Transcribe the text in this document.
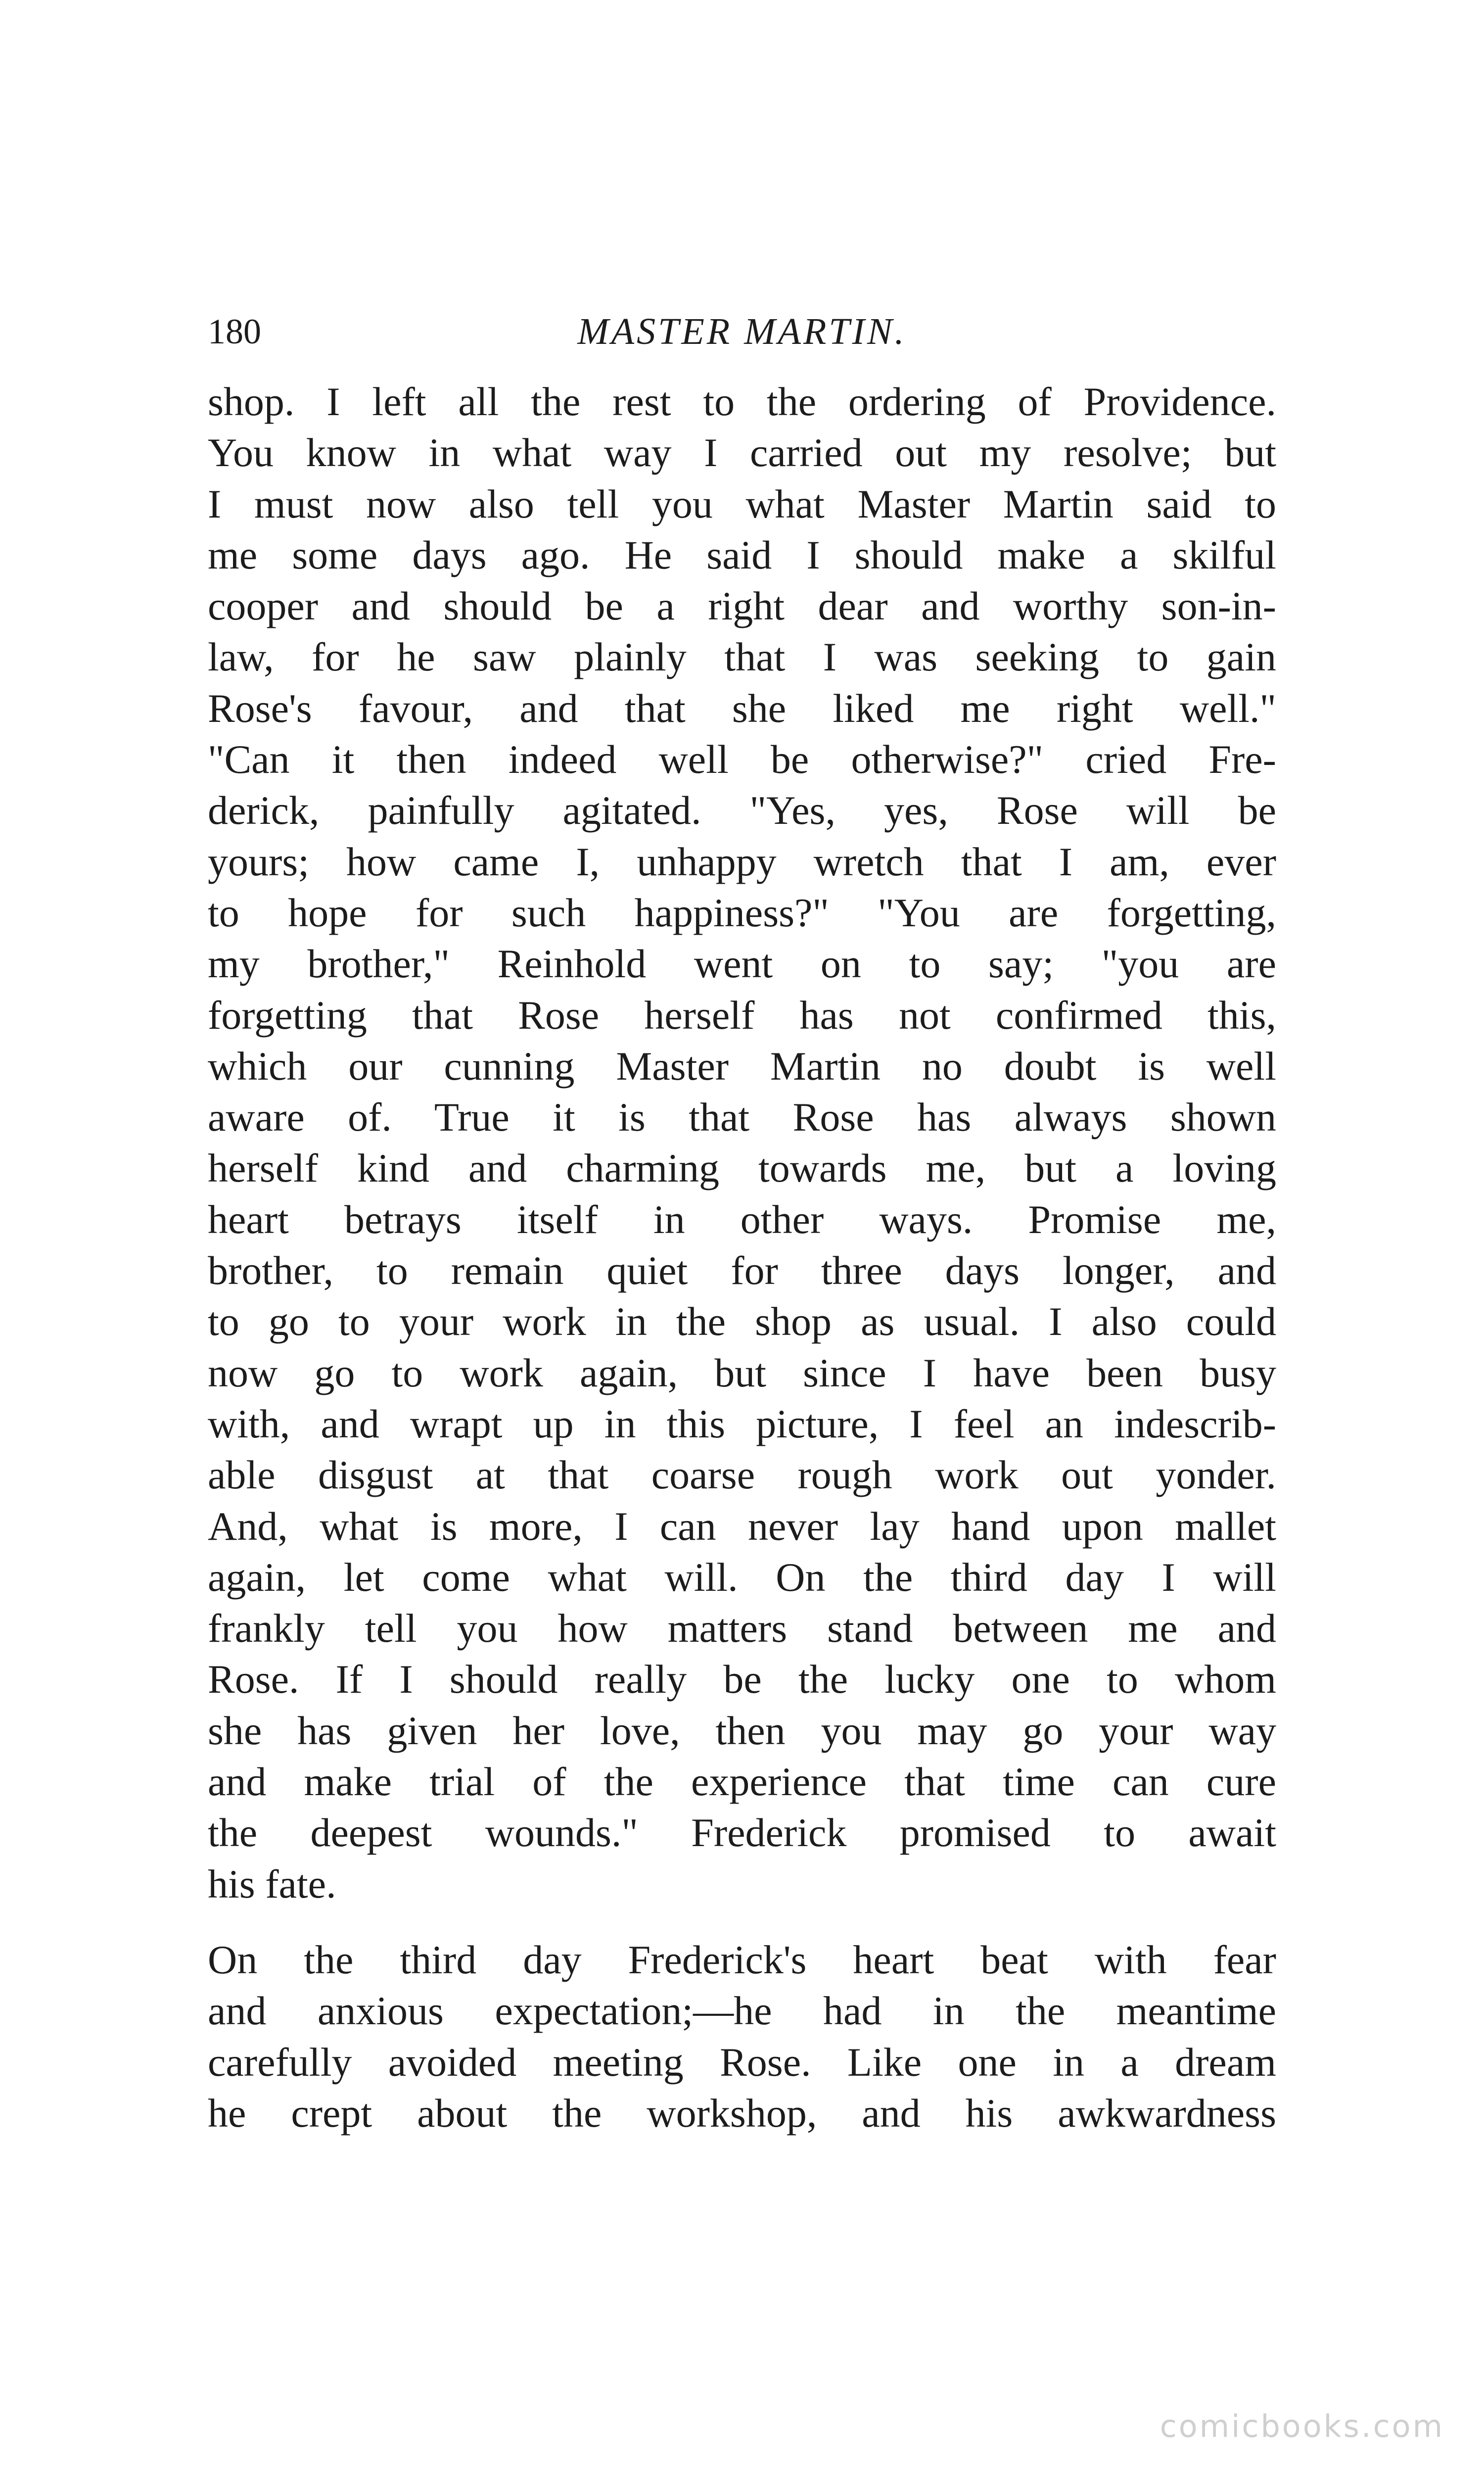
180	MASTER MARTIN.
shop. I left all the rest to the ordering of Providence.
You know in what way I carried out my resolve; but
I must now also tell you what Master Martin said to
me some days ago. He said I should make a skilful
cooper and should be a right dear and worthy son-in-
law, for he saw plainly that I was seeking to gain
Rose's favour, and that she liked me right well."
"Can it then indeed well be otherwise?" cried Fre-
derick, painfully agitated. "Yes, yes, Rose will be
yours; how came I, unhappy wretch that I am, ever
to hope for such happiness?" "You are forgetting,
my brother," Reinhold went on to say; "you are
forgetting that Rose herself has not confirmed this,
which our cunning Master Martin no doubt is well
aware of. True it is that Rose has always shown
herself kind and charming towards me, but a loving
heart betrays itself in other ways. Promise me,
brother, to remain quiet for three days longer, and
to go to your work in the shop as usual. I also could
now go to work again, but since I have been busy
with, and wrapt up in this picture, I feel an indescrib-
able disgust at that coarse rough work out yonder.
And, what is more, I can never lay hand upon mallet
again, let come what will. On the third day I will
frankly tell you how matters stand between me and
Rose. If I should really be the lucky one to whom
she has given her love, then you may go your way
and make trial of the experience that time can cure
the deepest wounds." Frederick promised to await
his fate.
On the third day Frederick's heart beat with fear
and anxious expectation;—he had in the meantime
carefully avoided meeting Rose. Like one in a dream
he crept about the workshop, and his awkwardness
comicbooks.com
